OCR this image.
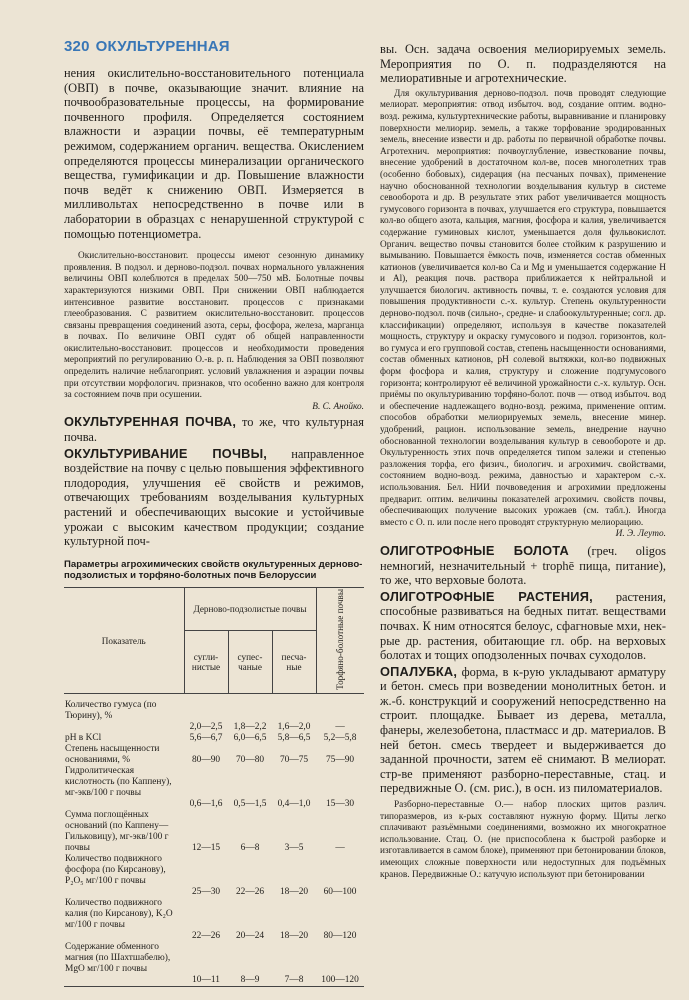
320 ОКУЛЬТУРЕННАЯ

нения окислительно-восстановительного потенциала (ОВП) в почве, оказывающие значит. влияние на почвообразовательные процессы, на формирование почвенного профиля. Определяется состоянием влажности и аэрации почвы, её температурным режимом, содержанием органич. вещества. Окислением определяются процессы минерализации органического вещества, гумификации и др. Повышение влажности почв ведёт к снижению ОВП. Измеряется в милливольтах непосредственно в почве или в лаборатории в образцах с ненарушенной структурой с помощью потенциометра.

Окислительно-восстановит. процессы имеют сезонную динамику проявления. В подзол. и дерново-подзол. почвах нормального увлажнения величины ОВП колеблются в пределах 500—750 мВ. Болотные почвы характеризуются низкими ОВП. При снижении ОВП наблюдается интенсивное развитие восстановит. процессов с признаками глееобразования. С развитием окислительно-восстановит. процессов связаны превращения соединений азота, серы, фосфора, железа, марганца в почвах. По величине ОВП судят об общей направленности окислительно-восстановит. процессов и необходимости проведения мероприятий по регулированию О.-в. р. п. Наблюдения за ОВП позволяют определить наличие неблагоприят. условий увлажнения и аэрации почвы при отсутствии морфологич. признаков, что особенно важно для контроля за состоянием почв при осушении.

В. С. Анойко.

ОКУЛЬТУРЕННАЯ ПОЧВА, то же, что культурная почва.

ОКУЛЬТУРИВАНИЕ ПОЧВЫ, направленное воздействие на почву с целью повышения эффективного плодородия, улучшения её свойств и режимов, отвечающих требованиям возделывания культурных растений и обеспечивающих высокие и устойчивые урожаи с высоким качеством продукции; создание культурной поч-

Параметры агрохимических свойств окультуренных дерново-подзолистых и торфяно-болотных почв Белоруссии
Показатель	Дерново-подзолистые почвы			Торфяно-болотные почвы
	сугли-нистые	супес-чаные	песча-ные	
Количество гумуса (по Тюрину), %	2,0—2,5	1,8—2,2	1,6—2,0	—
pH в KCl	5,6—6,7	6,0—6,5	5,8—6,5	5,2—5,8
Степень насыщенности основаниями, %	80—90	70—80	70—75	75—90
Гидролитическая кислотность (по Каппену), мг-экв/100 г почвы	0,6—1,6	0,5—1,5	0,4—1,0	15—30
Сумма поглощённых оснований (по Каппену—Гильковицу), мг-экв/100 г почвы	12—15	6—8	3—5	—
Количество подвижного фосфора (по Кирсанову), P₂O₅ мг/100 г почвы	25—30	22—26	18—20	60—100
Количество подвижного калия (по Кирсанову), K₂O мг/100 г почвы	22—26	20—24	18—20	80—120
Содержание обменного магния (по Шахтшабелю), MgO мг/100 г почвы	10—11	8—9	7—8	100—120

вы. Осн. задача освоения мелиорируемых земель. Мероприятия по О. п. подразделяются на мелиоративные и агротехнические.

Для окультуривания дерново-подзол. почв проводят следующие мелиорат. мероприятия: отвод избыточ. вод, создание оптим. водно-возд. режима, культуртехнические работы, выравнивание и планировку поверхности мелиорир. земель, а также торфование эродированных земель, внесение извести и др. работы по первичной обработке почвы. Агротехнич. мероприятия: почвоуглубление, известкование почвы, внесение удобрений в достаточном кол-ве, посев многолетних трав (особенно бобовых), сидерация (на песчаных почвах), применение научно обоснованной технологии возделывания культур в системе севооборота и др. В результате этих работ увеличивается мощность гумусового горизонта в почвах, улучшается его структура, повышается кол-во общего азота, кальция, магния, фосфора и калия, увеличивается содержание гуминовых кислот, уменьшается доля фульвокислот. Органич. вещество почвы становится более стойким к разрушению и вымыванию. Повышается ёмкость почв, изменяется состав обменных катионов (увеличивается кол-во Ca и Mg и уменьшается содержание H и Al), реакция почв. раствора приближается к нейтральной и улучшается биологич. активность почвы, т. е. создаются условия для повышения продуктивности с.-х. культур. Степень окультуренности дерново-подзол. почв (сильно-, средне- и слабоокультуренные; согл. др. классификации) определяют, используя в качестве показателей мощность, структуру и окраску гумусового и подзол. горизонтов, кол-во гумуса и его групповой состав, степень насыщенности основаниями, состав обменных катионов, pH солевой вытяжки, кол-во подвижных форм фосфора и калия, структуру и сложение подгумусового горизонта; контролируют её величиной урожайности с.-х. культур. Осн. приёмы по окультуриванию торфяно-болот. почв — отвод избыточ. вод и обеспечение надлежащего водно-возд. режима, применение оптим. способов обработки мелиорируемых земель, внесение минер. удобрений, рацион. использование земель, внедрение научно обоснованной технологии возделывания культур в севообороте и др. Окультуренность этих почв определяется типом залежи и степенью разложения торфа, его физич., биологич. и агрохимич. свойствами, состоянием водно-возд. режима, давностью и характером с.-х. использования. Бел. НИИ почвоведения и агрохимии предложены предварит. оптим. величины показателей агрохимич. свойств почвы, обеспечивающих получение высоких урожаев (см. табл.). Иногда вместо с О. п. или после него проводят структурную мелиорацию.

И. Э. Леуто.

ОЛИГОТРОФНЫЕ БОЛОТА (греч. oligos немногий, незначительный + trophē пища, питание), то же, что верховые болота.

ОЛИГОТРОФНЫЕ РАСТЕНИЯ, растения, способные развиваться на бедных питат. веществами почвах. К ним относятся белоус, сфагновые мхи, нек-рые др. растения, обитающие гл. обр. на верховых болотах и тощих оподзоленных почвах суходолов.

ОПАЛУБКА, форма, в к-рую укладывают арматуру и бетон. смесь при возведении монолитных бетон. и ж.-б. конструкций и сооружений непосредственно на строит. площадке. Бывает из дерева, металла, фанеры, железобетона, пластмасс и др. материалов. В ней бетон. смесь твердеет и выдерживается до заданной прочности, затем её снимают. В мелиорат. стр-ве применяют разборно-переставные, стац. и передвижные О. (см. рис.), в осн. из пиломатериалов.

Разборно-переставные О.— набор плоских щитов различ. типоразмеров, из к-рых составляют нужную форму. Щиты легко сплачивают разъёмными соединениями, возможно их многократное использование. Стац. О. (не приспособлена к быстрой разборке и изготавливается в самом блоке), применяют при бетонировании блоков, имеющих сложные поверхности или недоступных для подъёмных кранов. Передвижные О.: катучую используют при бетонировании
